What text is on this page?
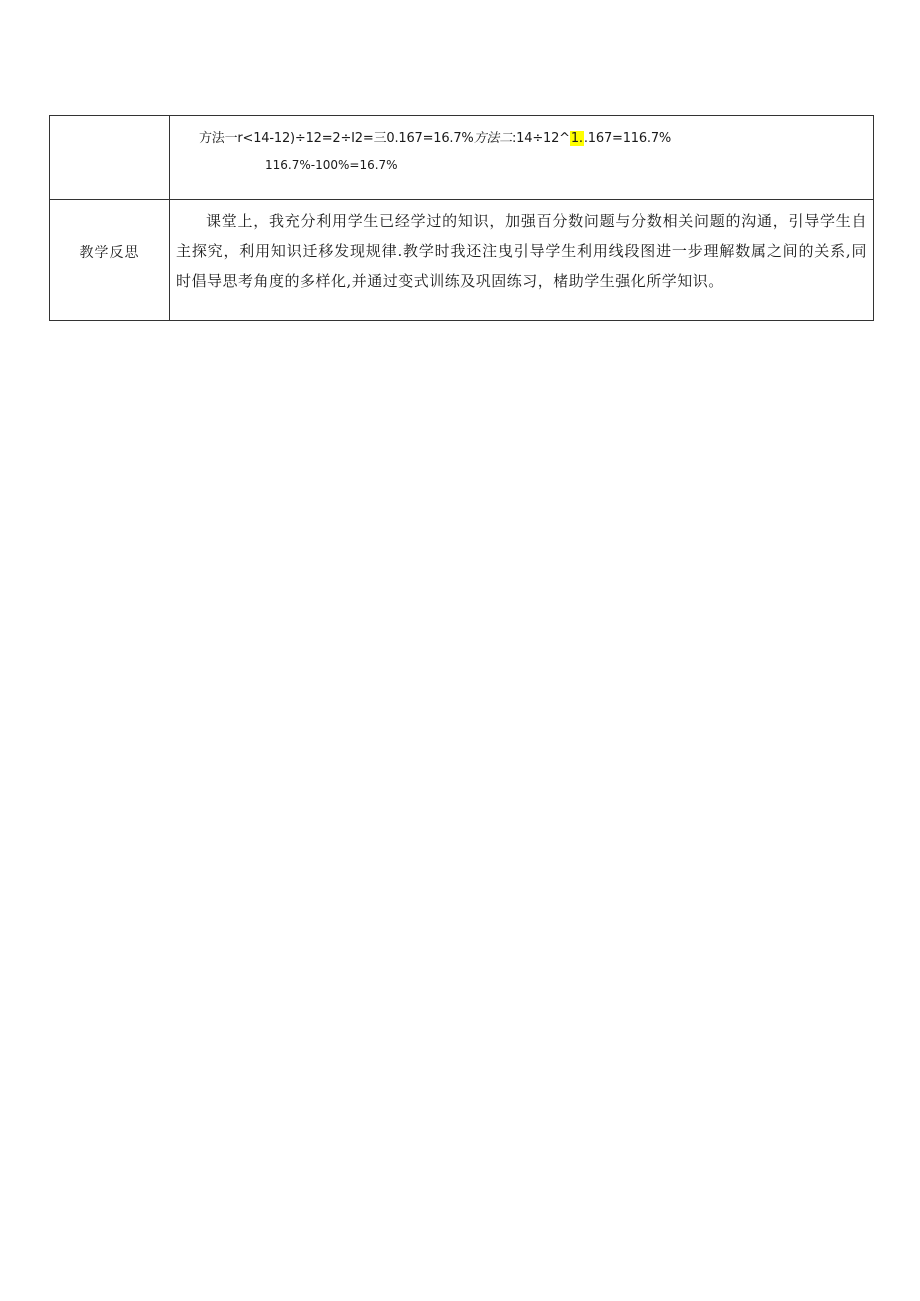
	方法一r<14-12)÷12=2÷I2=三0.167=16.7%方法二:14÷12^1..167=116.7%
116.7%-100%=16.7%

教学反思	课堂上，我充分利用学生已经学过的知识，加强百分数问题与分数相关问题的沟通，引导学生自主探究，利用知识迁移发现规律.教学时我还注曳引导学生利用线段图进一步理解数属之间的关系,同时倡导思考角度的多样化,并通过变式训练及巩固练习，楮助学生强化所学知识。
